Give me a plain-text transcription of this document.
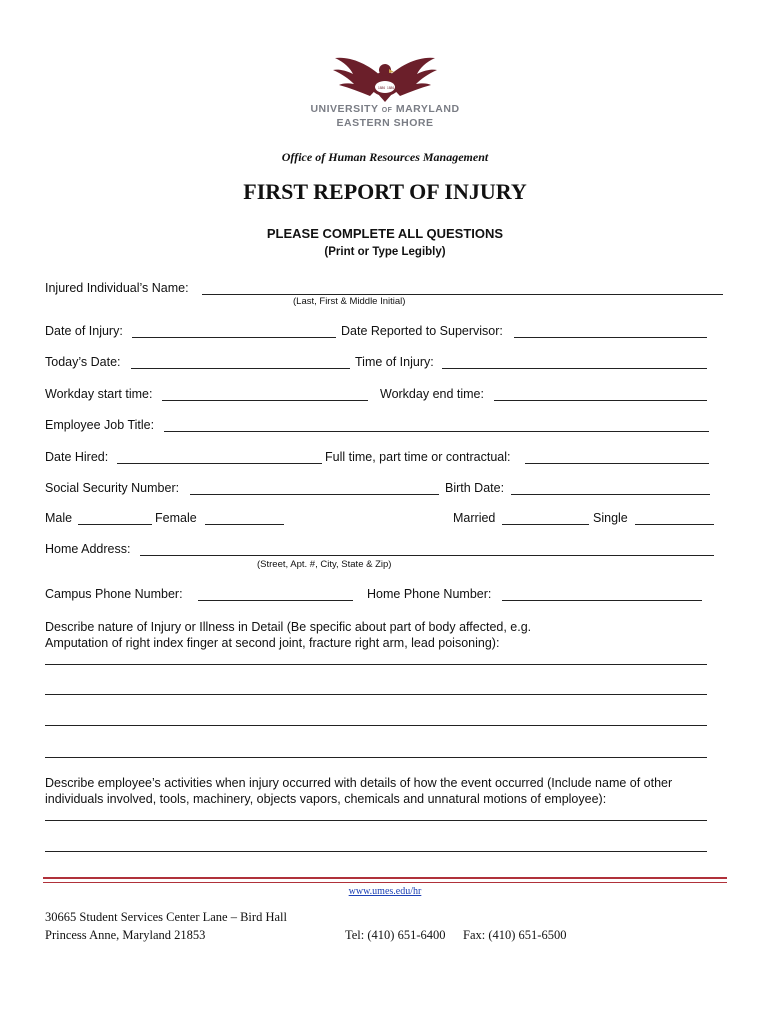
1886 1886
UNIVERSITY OF MARYLAND
EASTERN SHORE
Office of Human Resources Management
FIRST REPORT OF INJURY
PLEASE COMPLETE ALL QUESTIONS
(Print or Type Legibly)
Injured Individual’s Name:
(Last, First & Middle Initial)
Date of Injury:	Date Reported to Supervisor:
Today’s Date:	Time of Injury:
Workday start time:	Workday end time:
Employee Job Title:
Date Hired:	Full time, part time or contractual:
Social Security Number:	Birth Date:
Male	Female	Married	Single
Home Address:
(Street, Apt. #, City, State & Zip)
Campus Phone Number:	Home Phone Number:
Describe nature of Injury or Illness in Detail (Be specific about part of body affected, e.g.
Amputation of right index finger at second joint, fracture right arm, lead poisoning):
Describe employee’s activities when injury occurred with details of how the event occurred (Include name of other
individuals involved, tools, machinery, objects vapors, chemicals and unnatural motions of employee):
www.umes.edu/hr
30665 Student Services Center Lane – Bird Hall
Princess Anne, Maryland 21853	Tel: (410) 651-6400 Fax: (410) 651-6500
